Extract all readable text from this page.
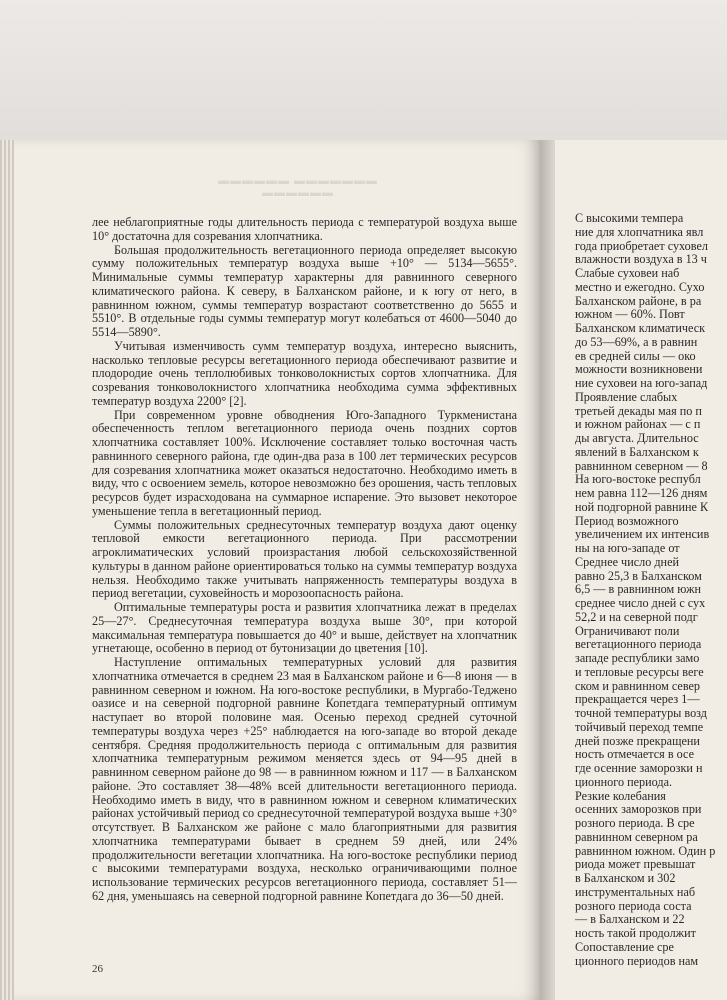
▬▬▬▬▬▬ ▬▬▬▬▬▬▬ ▬▬▬▬▬▬

лее неблагоприятные годы длительность периода с температурой воздуха выше 10° достаточна для созревания хлопчатника.

Большая продолжительность вегетационного периода определяет высокую сумму положительных температур воздуха выше +10° — 5134—5655°. Минимальные суммы температур характерны для равнинного северного климатического района. К северу, в Балханском районе, и к югу от него, в равнинном южном, суммы температур возрастают соответственно до 5655 и 5510°. В отдельные годы суммы температур могут колебаться от 4600—5040 до 5514—5890°.

Учитывая изменчивость сумм температур воздуха, интересно выяснить, насколько тепловые ресурсы вегетационного периода обеспечивают развитие и плодородие очень теплолюбивых тонковолокнистых сортов хлопчатника. Для созревания тонковолокнистого хлопчатника необходима сумма эффективных температур воздуха 2200° [2].

При современном уровне обводнения Юго-Западного Туркменистана обеспеченность теплом вегетационного периода очень поздних сортов хлопчатника составляет 100%. Исключение составляет только восточная часть равнинного северного района, где один-два раза в 100 лет термических ресурсов для созревания хлопчатника может оказаться недостаточно. Необходимо иметь в виду, что с освоением земель, которое невозможно без орошения, часть тепловых ресурсов будет израсходована на суммарное испарение. Это вызовет некоторое уменьшение тепла в вегетационный период.

Суммы положительных среднесуточных температур воздуха дают оценку тепловой емкости вегетационного периода. При рассмотрении агроклиматических условий произрастания любой сельскохозяйственной культуры в данном районе ориентироваться только на суммы температур воздуха нельзя. Необходимо также учитывать напряженность температуры воздуха в период вегетации, суховейность и морозоопасность района.

Оптимальные температуры роста и развития хлопчатника лежат в пределах 25—27°. Среднесуточная температура воздуха выше 30°, при которой максимальная температура повышается до 40° и выше, действует на хлопчатник угнетающе, особенно в период от бутонизации до цветения [10].

Наступление оптимальных температурных условий для развития хлопчатника отмечается в среднем 23 мая в Балханском районе и 6—8 июня — в равнинном северном и южном. На юго-востоке республики, в Мургабо-Теджено оазисе и на северной подгорной равнине Копетдага температурный оптимум наступает во второй половине мая. Осенью переход средней суточной температуры воздуха через +25° наблюдается на юго-западе во второй декаде сентября. Средняя продолжительность периода с оптимальным для развития хлопчатника температурным режимом меняется здесь от 94—95 дней в равнинном северном районе до 98 — в равнинном южном и 117 — в Балханском районе. Это составляет 38—48% всей длительности вегетационного периода. Необходимо иметь в виду, что в равнинном южном и северном климатических районах устойчивый период со среднесуточной температурой воздуха выше +30° отсутствует. В Балханском же районе с мало благоприятными для развития хлопчатника температурами бывает в среднем 59 дней, или 24% продолжительности вегетации хлопчатника. На юго-востоке республики период с высокими температурами воздуха, несколько ограничивающими полное использование термических ресурсов вегетационного периода, составляет 51—62 дня, уменьшаясь на северной подгорной равнине Копетдага до 36—50 дней.

26
С высокими темпера
ние для хлопчатника явл
года приобретает суховел
влажности воздуха в 13 ч
Слабые суховеи наб
местно и ежегодно. Сухо
Балханском районе, в ра
южном — 60%. Повт
Балханском климатическ
до 53—69%, а в равнин
ев средней силы — око
можности возникновени
ние суховеи на юго-запад
Проявление слабых
третьей декады мая по п
и южном районах — с п
ды августа. Длительнос
явлений в Балханском к
равнинном северном — 8
На юго-востоке республ
нем равна 112—126 дням
ной подгорной равнине К
Период возможного
увеличением их интенсив
ны на юго-западе от
Среднее число дней
равно 25,3 в Балханском
6,5 — в равнинном южн
среднее число дней с сух
52,2 и на северной подг
Ограничивают поли
вегетационного периода
западе республики замо
и тепловые ресурсы веге
ском и равнинном север
прекращается через 1—
точной температуры возд
тойчивый переход темпе
дней позже прекращени
ность отмечается в осе
где осенние заморозки н
ционного периода.
Резкие колебания
осенних заморозков при
розного периода. В сре
равнинном северном ра
равнинном южном. Один р
риода может превышат
в Балханском и 302
инструментальных наб
розного периода соста
— в Балханском и 22
ность такой продолжит
Сопоставление сре
ционного периодов нам
